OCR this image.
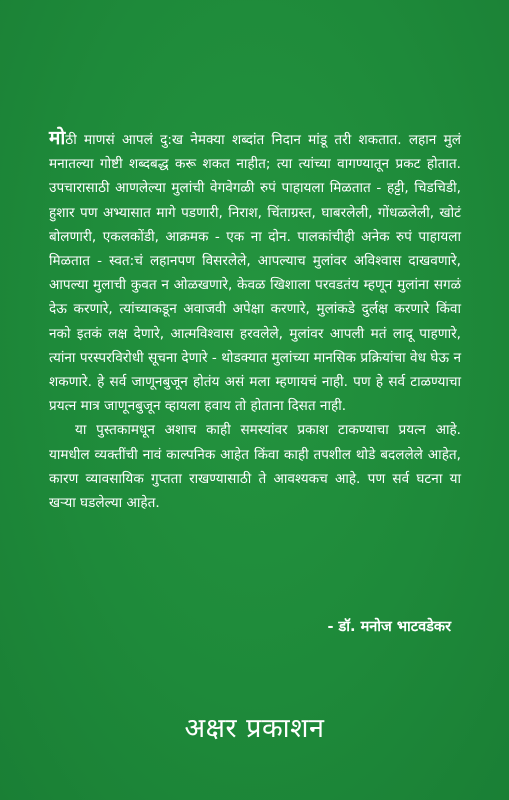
मोठी माणसं आपलं दु:ख नेमक्या शब्दांत निदान मांडू तरी शकतात. लहान मुलं मनातल्या गोष्टी शब्दबद्ध करू शकत नाहीत; त्या त्यांच्या वागण्यातून प्रकट होतात. उपचारासाठी आणलेल्या मुलांची वेगवेगळी रुपं पाहायला मिळतात - हट्टी, चिडचिडी, हुशार पण अभ्यासात मागे पडणारी, निराश, चिंताग्रस्त, घाबरलेली, गोंधळलेली, खोटं बोलणारी, एकलकोंडी, आक्रमक - एक ना दोन. पालकांचीही अनेक रुपं पाहायला मिळतात - स्वत:चं लहानपण विसरलेले, आपल्याच मुलांवर अविश्वास दाखवणारे, आपल्या मुलाची कुवत न ओळखणारे, केवळ खिशाला परवडतंय म्हणून मुलांना सगळं देऊ करणारे, त्यांच्याकडून अवाजवी अपेक्षा करणारे, मुलांकडे दुर्लक्ष करणारे किंवा नको इतकं लक्ष देणारे, आत्मविश्वास हरवलेले, मुलांवर आपली मतं लादू पाहणारे, त्यांना परस्परविरोधी सूचना देणारे - थोडक्यात मुलांच्या मानसिक प्रक्रियांचा वेध घेऊ न शकणारे. हे सर्व जाणूनबुजून होतंय असं मला म्हणायचं नाही. पण हे सर्व टाळण्याचा प्रयत्न मात्र जाणूनबुजून व्हायला हवाय तो होताना दिसत नाही.

या पुस्तकामधून अशाच काही समस्यांवर प्रकाश टाकण्याचा प्रयत्न आहे. यामधील व्यक्तींची नावं काल्पनिक आहेत किंवा काही तपशील थोडे बदललेले आहेत, कारण व्यावसायिक गुप्तता राखण्यासाठी ते आवश्यकच आहे. पण सर्व घटना या खऱ्या घडलेल्या आहेत.

- डॉ. मनोज भाटवडेकर
अक्षर प्रकाशन
